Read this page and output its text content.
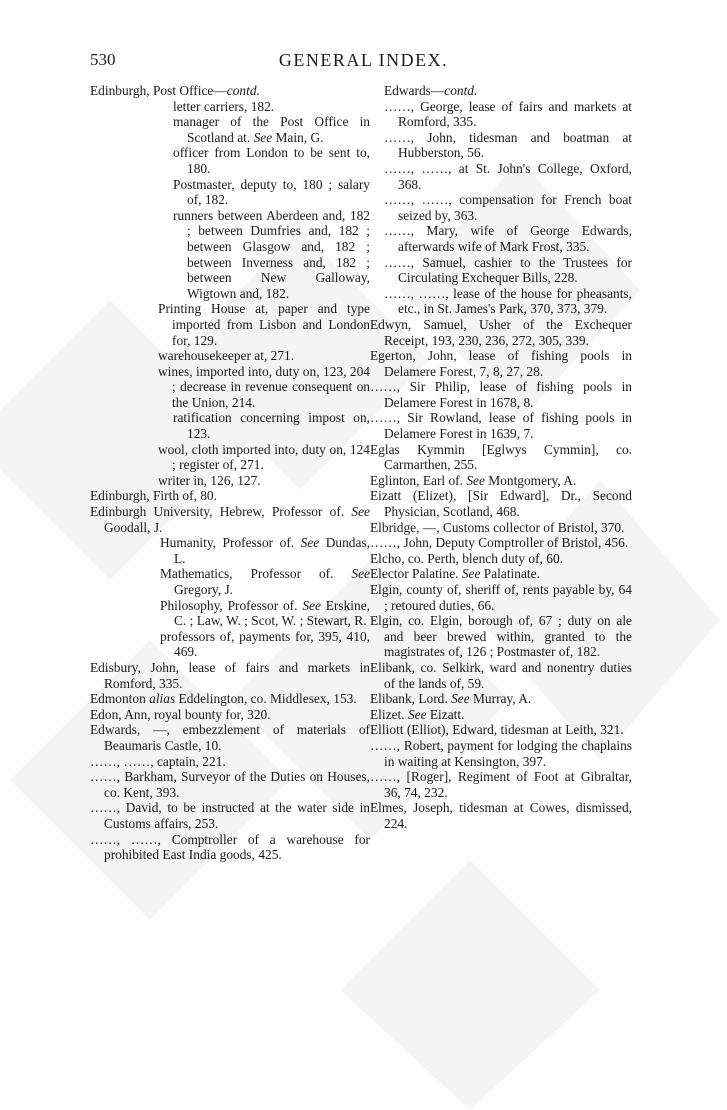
530	GENERAL INDEX.

Edinburgh, Post Office—contd.

letter carriers, 182.

manager of the Post Office in Scotland at. See Main, G.

officer from London to be sent to, 180.

Postmaster, deputy to, 180 ; salary of, 182.

runners between Aberdeen and, 182 ; between Dumfries and, 182 ; between Glasgow and, 182 ; between Inverness and, 182 ; between New Galloway, Wigtown and, 182.

Printing House at, paper and type imported from Lisbon and London for, 129.

warehousekeeper at, 271.

wines, imported into, duty on, 123, 204 ; decrease in revenue consequent on the Union, 214.

ratification concerning impost on, 123.

wool, cloth imported into, duty on, 124 ; register of, 271.

writer in, 126, 127.

Edinburgh, Firth of, 80.

Edinburgh University, Hebrew, Professor of. See Goodall, J.

Humanity, Professor of. See Dundas, L.

Mathematics, Professor of. See Gregory, J.

Philosophy, Professor of. See Erskine, C. ; Law, W. ; Scot, W. ; Stewart, R.

professors of, payments for, 395, 410, 469.

Edisbury, John, lease of fairs and markets in Romford, 335.

Edmonton alias Eddelington, co. Middlesex, 153.

Edon, Ann, royal bounty for, 320.

Edwards, —, embezzlement of materials of Beaumaris Castle, 10.

……, ……, captain, 221.

……, Barkham, Surveyor of the Duties on Houses, co. Kent, 393.

……, David, to be instructed at the water side in Customs affairs, 253.

……, ……, Comptroller of a warehouse for prohibited East India goods, 425.

Edwards—contd.

……, George, lease of fairs and markets at Romford, 335.

……, John, tidesman and boatman at Hubberston, 56.

……, ……, at St. John's College, Oxford, 368.

……, ……, compensation for French boat seized by, 363.

……, Mary, wife of George Edwards, afterwards wife of Mark Frost, 335.

……, Samuel, cashier to the Trustees for Circulating Exchequer Bills, 228.

……, ……, lease of the house for pheasants, etc., in St. James's Park, 370, 373, 379.

Edwyn, Samuel, Usher of the Exchequer Receipt, 193, 230, 236, 272, 305, 339.

Egerton, John, lease of fishing pools in Delamere Forest, 7, 8, 27, 28.

……, Sir Philip, lease of fishing pools in Delamere Forest in 1678, 8.

……, Sir Rowland, lease of fishing pools in Delamere Forest in 1639, 7.

Eglas Kymmin [Eglwys Cymmin], co. Carmarthen, 255.

Eglinton, Earl of. See Montgomery, A.

Eizatt (Elizet), [Sir Edward], Dr., Second Physician, Scotland, 468.

Elbridge, —, Customs collector of Bristol, 370.

……, John, Deputy Comptroller of Bristol, 456.

Elcho, co. Perth, blench duty of, 60.

Elector Palatine. See Palatinate.

Elgin, county of, sheriff of, rents payable by, 64 ; retoured duties, 66.

Elgin, co. Elgin, borough of, 67 ; duty on ale and beer brewed within, granted to the magistrates of, 126 ; Postmaster of, 182.

Elibank, co. Selkirk, ward and nonentry duties of the lands of, 59.

Elibank, Lord. See Murray, A.

Elizet. See Eizatt.

Elliott (Elliot), Edward, tidesman at Leith, 321.

……, Robert, payment for lodging the chaplains in waiting at Kensington, 397.

……, [Roger], Regiment of Foot at Gibraltar, 36, 74, 232.

Elmes, Joseph, tidesman at Cowes, dismissed, 224.
